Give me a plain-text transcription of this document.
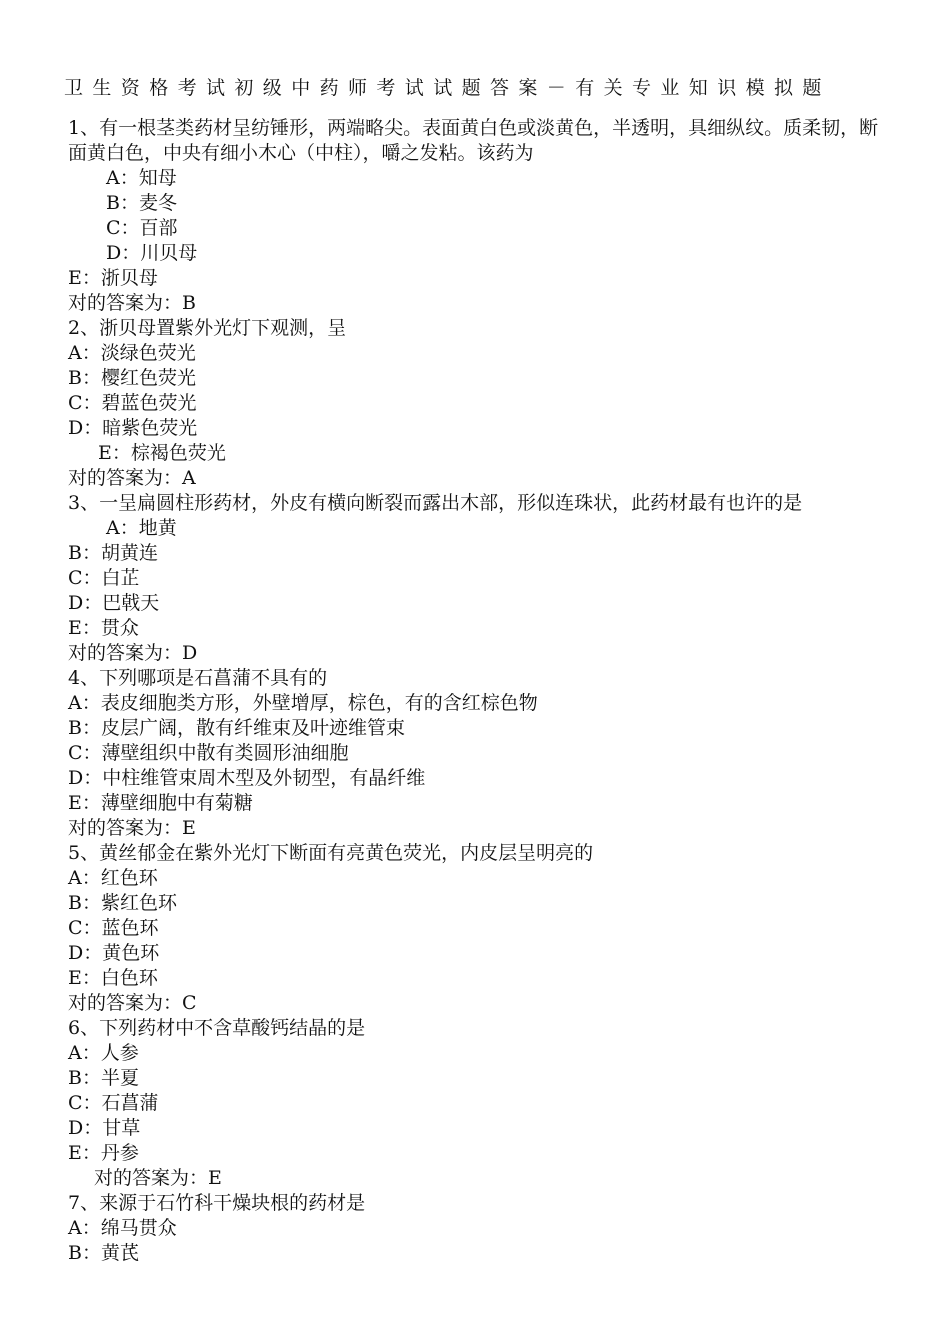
卫生资格考试初级中药师考试试题答案－有关专业知识模拟题
1、有一根茎类药材呈纺锤形，两端略尖。表面黄白色或淡黄色，半透明，具细纵纹。质柔韧，断面黄白色，中央有细小木心（中柱），嚼之发粘。该药为
A：知母
B：麦冬
C：百部
D：川贝母
E：浙贝母
对的答案为：B
2、浙贝母置紫外光灯下观测，呈
A：淡绿色荧光
B：樱红色荧光
C：碧蓝色荧光
D：暗紫色荧光
E：棕褐色荧光
对的答案为：A
3、一呈扁圆柱形药材，外皮有横向断裂而露出木部，形似连珠状，此药材最有也许的是
A：地黄
B：胡黄连
C：白芷
D：巴戟天
E：贯众
对的答案为：D
4、下列哪项是石菖蒲不具有的
A：表皮细胞类方形，外壁增厚，棕色，有的含红棕色物
B：皮层广阔，散有纤维束及叶迹维管束
C：薄壁组织中散有类圆形油细胞
D：中柱维管束周木型及外韧型，有晶纤维
E：薄壁细胞中有菊糖
对的答案为：E
5、黄丝郁金在紫外光灯下断面有亮黄色荧光，内皮层呈明亮的
A：红色环
B：紫红色环
C：蓝色环
D：黄色环
E：白色环
对的答案为：C
6、下列药材中不含草酸钙结晶的是
A：人参
B：半夏
C：石菖蒲
D：甘草
E：丹参
对的答案为：E
7、来源于石竹科干燥块根的药材是
A：绵马贯众
B：黄芪
